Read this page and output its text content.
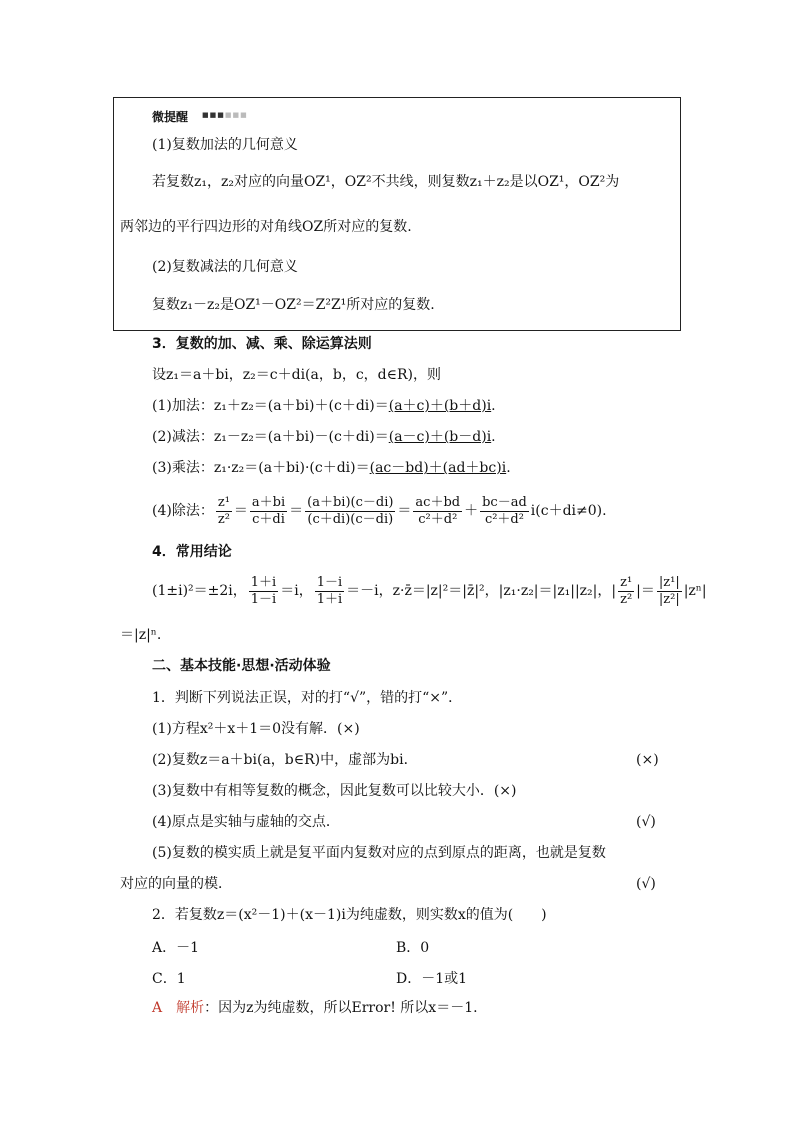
微提醒 ■■■■■■
(1)复数加法的几何意义
若复数z₁，z₂对应的向量OZ¹，OZ²不共线，则复数z₁＋z₂是以OZ¹，OZ²为
两邻边的平行四边形的对角线OZ所对应的复数.
(2)复数减法的几何意义
复数z₁－z₂是OZ¹－OZ²＝Z²Z¹所对应的复数.
3．复数的加、减、乘、除运算法则
设z₁＝a＋bi，z₂＝c＋di(a，b，c，d∈R)，则
(1)加法：z₁＋z₂＝(a＋bi)＋(c＋di)＝(a＋c)＋(b＋d)i.
(2)减法：z₁－z₂＝(a＋bi)－(c＋di)＝(a－c)＋(b－d)i.
(3)乘法：z₁·z₂＝(a＋bi)·(c＋di)＝(ac－bd)＋(ad＋bc)i.
(4)除法： $\frac{\text{z¹}}{\text{z²}} = \frac{a+bi}{c+di} = \frac{(a+bi)(c-di)}{(c+di)(c-di)} = \frac{ac+bd}{\text{c²＋d²}} + \frac{bc-ad}{\text{c²＋d²}} i(c+di\ne 0)$.
4．常用结论
(1±i)²＝±2i， $\frac{1+i}{1-i} =i$， $\frac{1-i}{1+i} =-i$，z·z̄＝|z|²＝|z̄|²，|z₁·z₂|＝|z₁||z₂|，| $\frac{\text{z¹}}{\text{z²}}$ |＝ $\frac{\text{|z¹|}}{\text{|z²|}} |z^n|$
＝|z|ⁿ.
二、基本技能·思想·活动体验
1．判断下列说法正误，对的打“√”，错的打“×”．
(1)方程x²＋x＋1＝0没有解．(×)
(2)复数z＝a＋bi(a，b∈R)中，虚部为bi．	(×)
(3)复数中有相等复数的概念，因此复数可以比较大小．(×)
(4)原点是实轴与虚轴的交点．	(√)
(5)复数的模实质上就是复平面内复数对应的点到原点的距离，也就是复数
对应的向量的模．	(√)
2．若复数z＝(x²－1)＋(x－1)i为纯虚数，则实数x的值为(　　)
A．－1	B．0
C．1	D．－1或1
A　 解析：因为z为纯虚数，所以Error! 所以x＝－1.
